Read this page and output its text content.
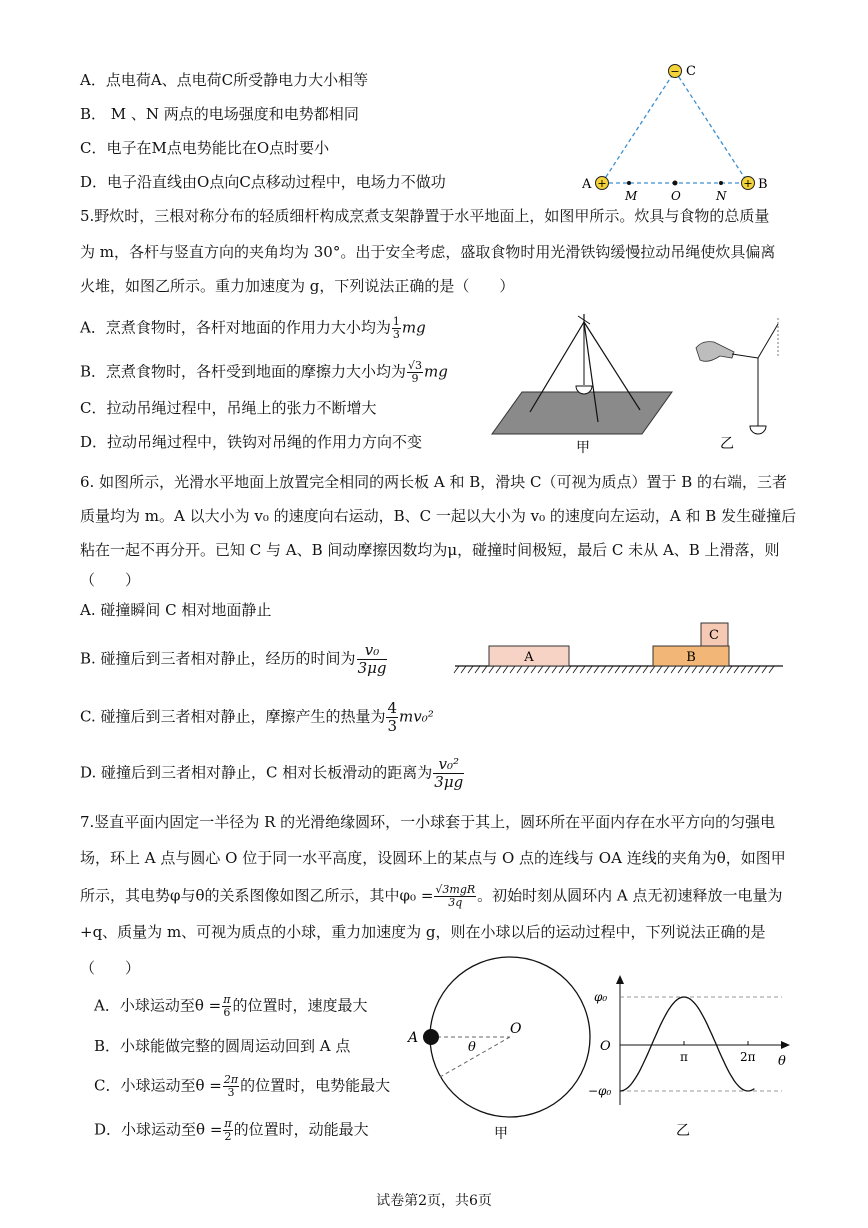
A．点电荷A、点电荷C所受静电力大小相等
B． M 、N 两点的电场强度和电势都相同
C．电子在M点电势能比在O点时要小
D．电子沿直线由O点向C点移动过程中，电场力不做功
−
+	+
C
A	B
M	O	N
5.野炊时，三根对称分布的轻质细杆构成烹煮支架静置于水平地面上，如图甲所示。炊具与食物的总质量
为 m，各杆与竖直方向的夹角均为 30°。出于安全考虑，盛取食物时用光滑铁钩缓慢拉动吊绳使炊具偏离
火堆，如图乙所示。重力加速度为 g，下列说法正确的是（　　）
A．烹煮食物时，各杆对地面的作用力大小均为 $\frac{1}{3}$ mg
B．烹煮食物时，各杆受到地面的摩擦力大小均为 $\frac{√3}{9}$ mg
C．拉动吊绳过程中，吊绳上的张力不断增大
D．拉动吊绳过程中，铁钩对吊绳的作用力方向不变	甲	乙
6. 如图所示，光滑水平地面上放置完全相同的两长板 A 和 B，滑块 C（可视为质点）置于 B 的右端，三者
质量均为 m。A 以大小为 v₀ 的速度向右运动，B、C 一起以大小为 v₀ 的速度向左运动，A 和 B 发生碰撞后
粘在一起不再分开。已知 C 与 A、B 间动摩擦因数均为μ，碰撞时间极短，最后 C 未从 A、B 上滑落，则
（　　）
A. 碰撞瞬间 C 相对地面静止
B. 碰撞后到三者相对静止，经历的时间为 $\frac{\text{v₀}}{3\mu g}$
C. 碰撞后到三者相对静止，摩擦产生的热量为 $\frac{4}{3} mv_0^2$
D. 碰撞后到三者相对静止，C 相对长板滑动的距离为 $\frac{\text{v₀²}}{3\mu g}$
A	B
C
7.竖直平面内固定一半径为 R 的光滑绝缘圆环，一小球套于其上，圆环所在平面内存在水平方向的匀强电
场，环上 A 点与圆心 O 位于同一水平高度，设圆环上的某点与 O 点的连线与 OA 连线的夹角为θ，如图甲
所示，其电势φ与θ的关系图像如图乙所示，其中$\varphi_0 = \frac{\text{√3mgR}}{3q}$ 。初始时刻从圆环内 A 点无初速释放一电量为
+q、质量为 m、可视为质点的小球，重力加速度为 g，则在小球以后的运动过程中，下列说法正确的是
（　　）
A．小球运动至$\theta = \frac{\pi}{6}$ 的位置时，速度最大
B．小球能做完整的圆周运动回到 A 点
C．小球运动至$\theta = \frac{2\pi}{3}$ 的位置时，电势能最大
D．小球运动至$\theta = \frac{\pi}{2}$ 的位置时，动能最大
A
O
θ
甲
φ₀
O
−φ₀
π	2π θ
乙
试卷第2页，共6页
